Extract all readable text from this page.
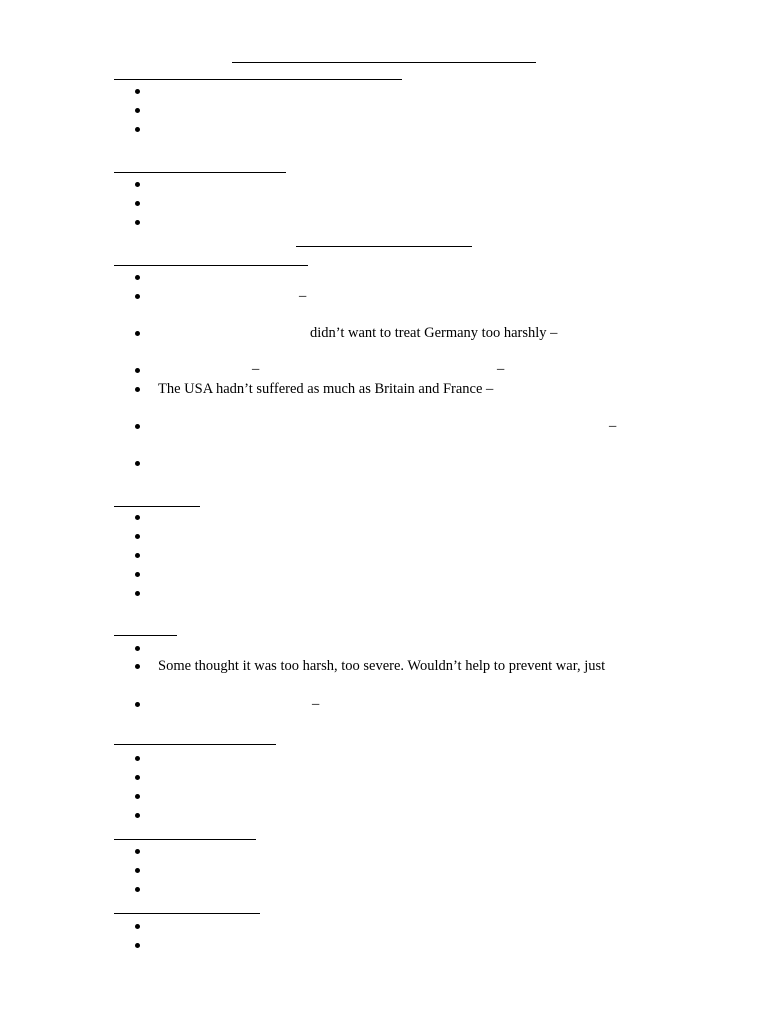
–
didn’t want to treat Germany too harshly –
–	–
The USA hadn’t suffered as much as Britain and France –
–
Some thought it was too harsh, too severe. Wouldn’t help to prevent war, just
–
